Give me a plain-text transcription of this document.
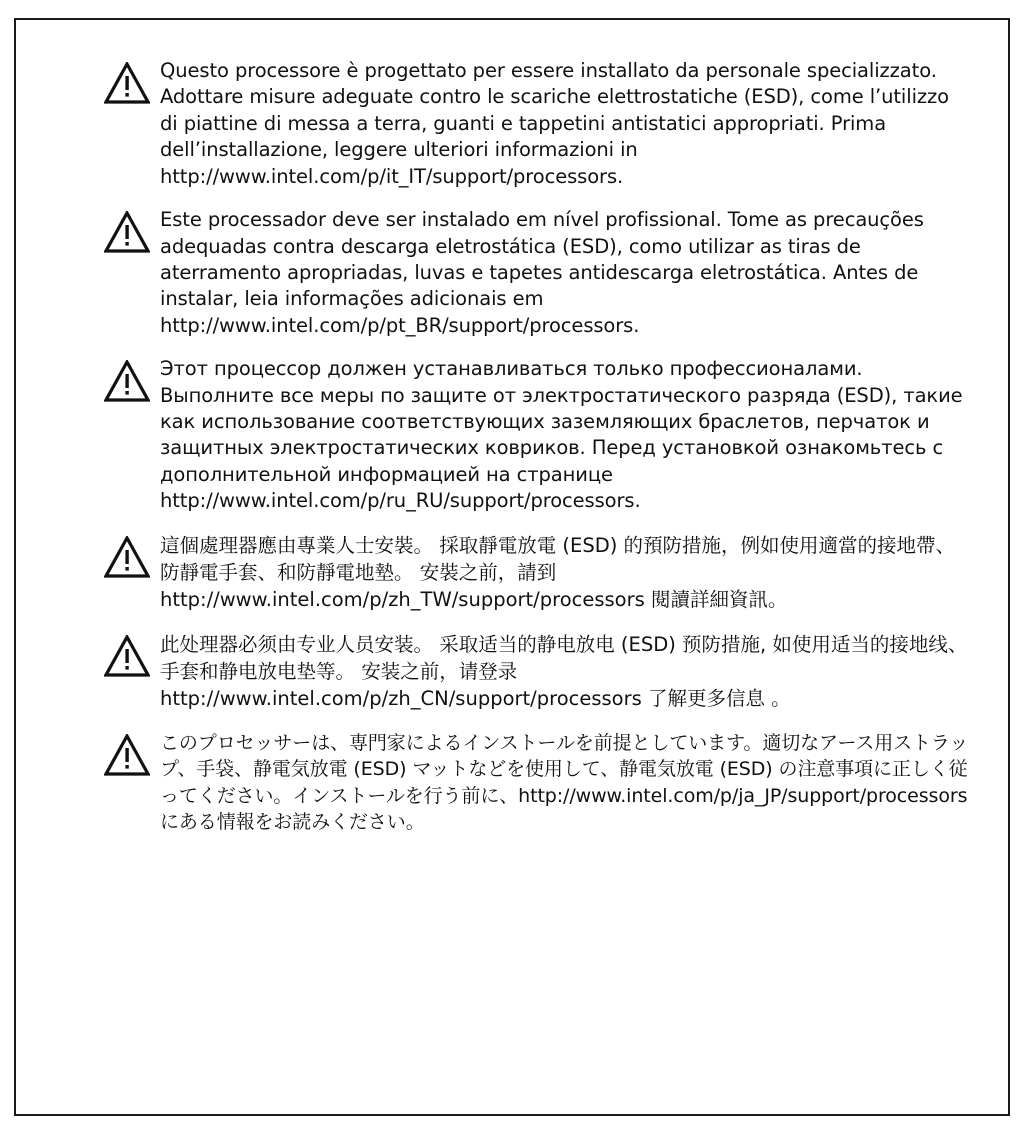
Questo processore è progettato per essere installato da personale specializzato. Adottare misure adeguate contro le scariche elettrostatiche (ESD), come l’utilizzo di piattine di messa a terra, guanti e tappetini antistatici appropriati. Prima dell’installazione, leggere ulteriori informazioni in http://www.intel.com/p/it_IT/support/processors.
Este processador deve ser instalado em nível profissional. Tome as precauções adequadas contra descarga eletrostática (ESD), como utilizar as tiras de aterramento apropriadas, luvas e tapetes antidescarga eletrostática. Antes de instalar, leia informações adicionais em http://www.intel.com/p/pt_BR/support/processors.
Этот процессор должен устанавливаться только профессионалами. Выполните все меры по защите от электростатического разряда (ESD), такие как использование соответствующих заземляющих браслетов, перчаток и защитных электростатических ковриков. Перед установкой ознакомьтесь с дополнительной информацией на странице http://www.intel.com/p/ru_RU/support/processors.
這個處理器應由專業人士安裝。 採取靜電放電 (ESD) 的預防措施，例如使用適當的接地帶、防靜電手套、和防靜電地墊。 安裝之前，請到 http://www.intel.com/p/zh_TW/support/processors 閱讀詳細資訊。
此处理器必须由专业人员安装。 采取适当的静电放电 (ESD) 预防措施, 如使用适当的接地线、手套和静电放电垫等。 安装之前，请登录 http://www.intel.com/p/zh_CN/support/processors 了解更多信息 。
このプロセッサーは、専門家によるインストールを前提としています。適切なアース用ストラップ、手袋、静電気放電 (ESD) マットなどを使用して、静電気放電 (ESD) の注意事項に正しく従ってください。インストールを行う前に、http://www.intel.com/p/ja_JP/support/processors にある情報をお読みください。
